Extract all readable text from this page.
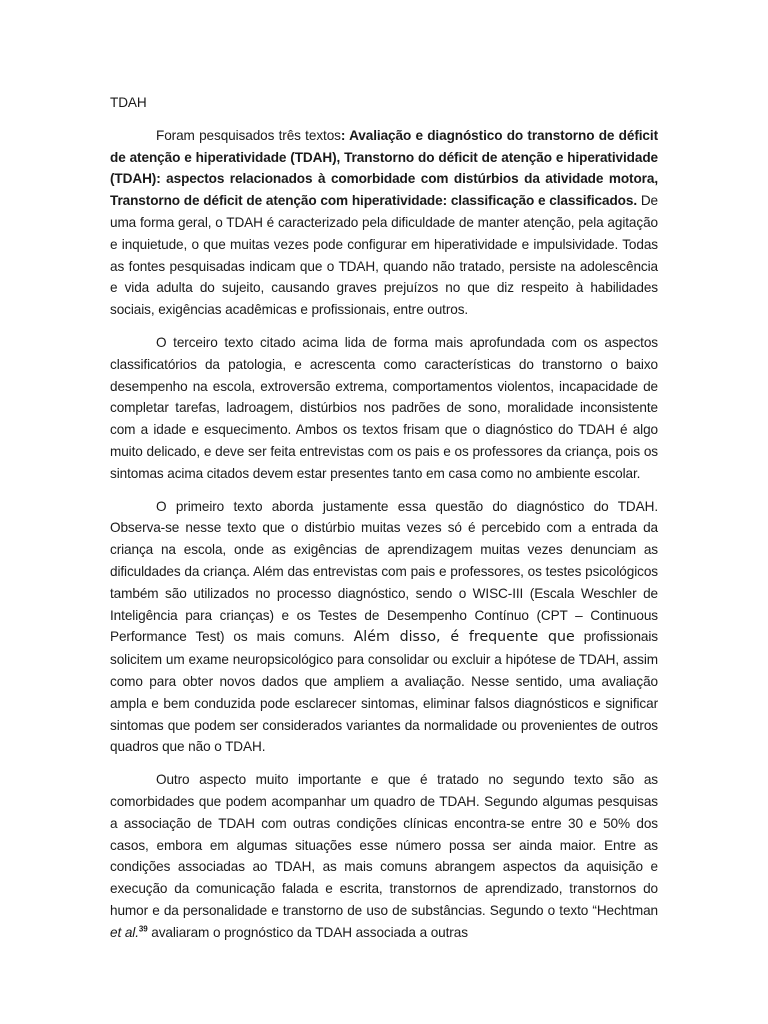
TDAH

Foram pesquisados três textos: Avaliação e diagnóstico do transtorno de déficit de atenção e hiperatividade (TDAH), Transtorno do déficit de atenção e hiperatividade (TDAH): aspectos relacionados à comorbidade com distúrbios da atividade motora, Transtorno de déficit de atenção com hiperatividade: classificação e classificados. De uma forma geral, o TDAH é caracterizado pela dificuldade de manter atenção, pela agitação e inquietude, o que muitas vezes pode configurar em hiperatividade e impulsividade. Todas as fontes pesquisadas indicam que o TDAH, quando não tratado, persiste na adolescência e vida adulta do sujeito, causando graves prejuízos no que diz respeito à habilidades sociais, exigências acadêmicas e profissionais, entre outros.

O terceiro texto citado acima lida de forma mais aprofundada com os aspectos classificatórios da patologia, e acrescenta como características do transtorno o baixo desempenho na escola, extroversão extrema, comportamentos violentos, incapacidade de completar tarefas, ladroagem, distúrbios nos padrões de sono, moralidade inconsistente com a idade e esquecimento. Ambos os textos frisam que o diagnóstico do TDAH é algo muito delicado, e deve ser feita entrevistas com os pais e os professores da criança, pois os sintomas acima citados devem estar presentes tanto em casa como no ambiente escolar.

O primeiro texto aborda justamente essa questão do diagnóstico do TDAH. Observa-se nesse texto que o distúrbio muitas vezes só é percebido com a entrada da criança na escola, onde as exigências de aprendizagem muitas vezes denunciam as dificuldades da criança. Além das entrevistas com pais e professores, os testes psicológicos também são utilizados no processo diagnóstico, sendo o WISC-III (Escala Weschler de Inteligência para crianças) e os Testes de Desempenho Contínuo (CPT – Continuous Performance Test) os mais comuns. Além disso, é frequente que profissionais solicitem um exame neuropsicológico para consolidar ou excluir a hipótese de TDAH, assim como para obter novos dados que ampliem a avaliação. Nesse sentido, uma avaliação ampla e bem conduzida pode esclarecer sintomas, eliminar falsos diagnósticos e significar sintomas que podem ser considerados variantes da normalidade ou provenientes de outros quadros que não o TDAH.

Outro aspecto muito importante e que é tratado no segundo texto são as comorbidades que podem acompanhar um quadro de TDAH. Segundo algumas pesquisas a associação de TDAH com outras condições clínicas encontra-se entre 30 e 50% dos casos, embora em algumas situações esse número possa ser ainda maior. Entre as condições associadas ao TDAH, as mais comuns abrangem aspectos da aquisição e execução da comunicação falada e escrita, transtornos de aprendizado, transtornos do humor e da personalidade e transtorno de uso de substâncias. Segundo o texto “Hechtman et al.$^{39}$ avaliaram o prognóstico da TDAH associada a outras
